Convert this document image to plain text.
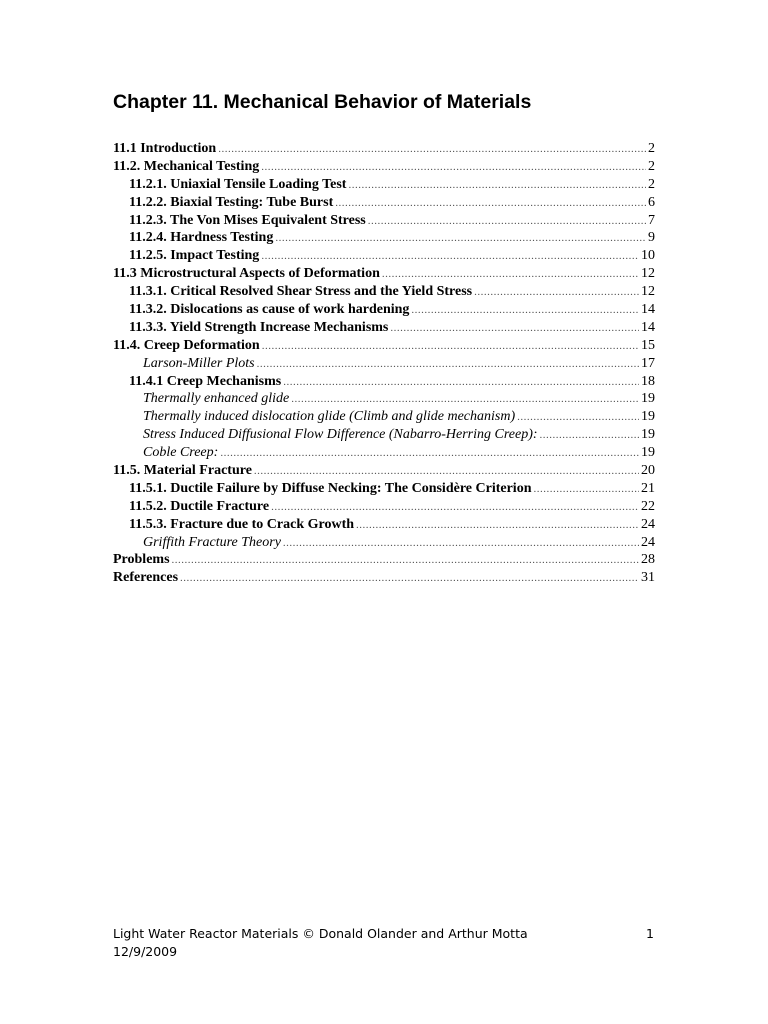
Chapter 11. Mechanical Behavior of Materials
11.1 Introduction .....	2
11.2. Mechanical Testing .....	2
11.2.1. Uniaxial Tensile Loading Test .....	2
11.2.2. Biaxial Testing: Tube Burst .....	6
11.2.3. The Von Mises Equivalent Stress .....	7
11.2.4. Hardness Testing .....	9
11.2.5. Impact Testing .....	10
11.3 Microstructural Aspects of Deformation .....	12
11.3.1. Critical Resolved Shear Stress and the Yield Stress .....	12
11.3.2. Dislocations as cause of work hardening .....	14
11.3.3. Yield Strength Increase Mechanisms .....	14
11.4. Creep Deformation .....	15
Larson-Miller Plots .....	17
11.4.1 Creep Mechanisms .....	18
Thermally enhanced glide .....	19
Thermally induced dislocation glide (Climb and glide mechanism) .....	19
Stress Induced Diffusional Flow Difference (Nabarro-Herring Creep): .....	19
Coble Creep: .....	19
11.5. Material Fracture .....	20
11.5.1. Ductile Failure by Diffuse Necking: The Considère Criterion .....	21
11.5.2. Ductile Fracture .....	22
11.5.3. Fracture due to Crack Growth .....	24
Griffith Fracture Theory .....	24
Problems .....	28
References .....	31
Light Water Reactor Materials © Donald Olander and Arthur Motta
12/9/2009
1
